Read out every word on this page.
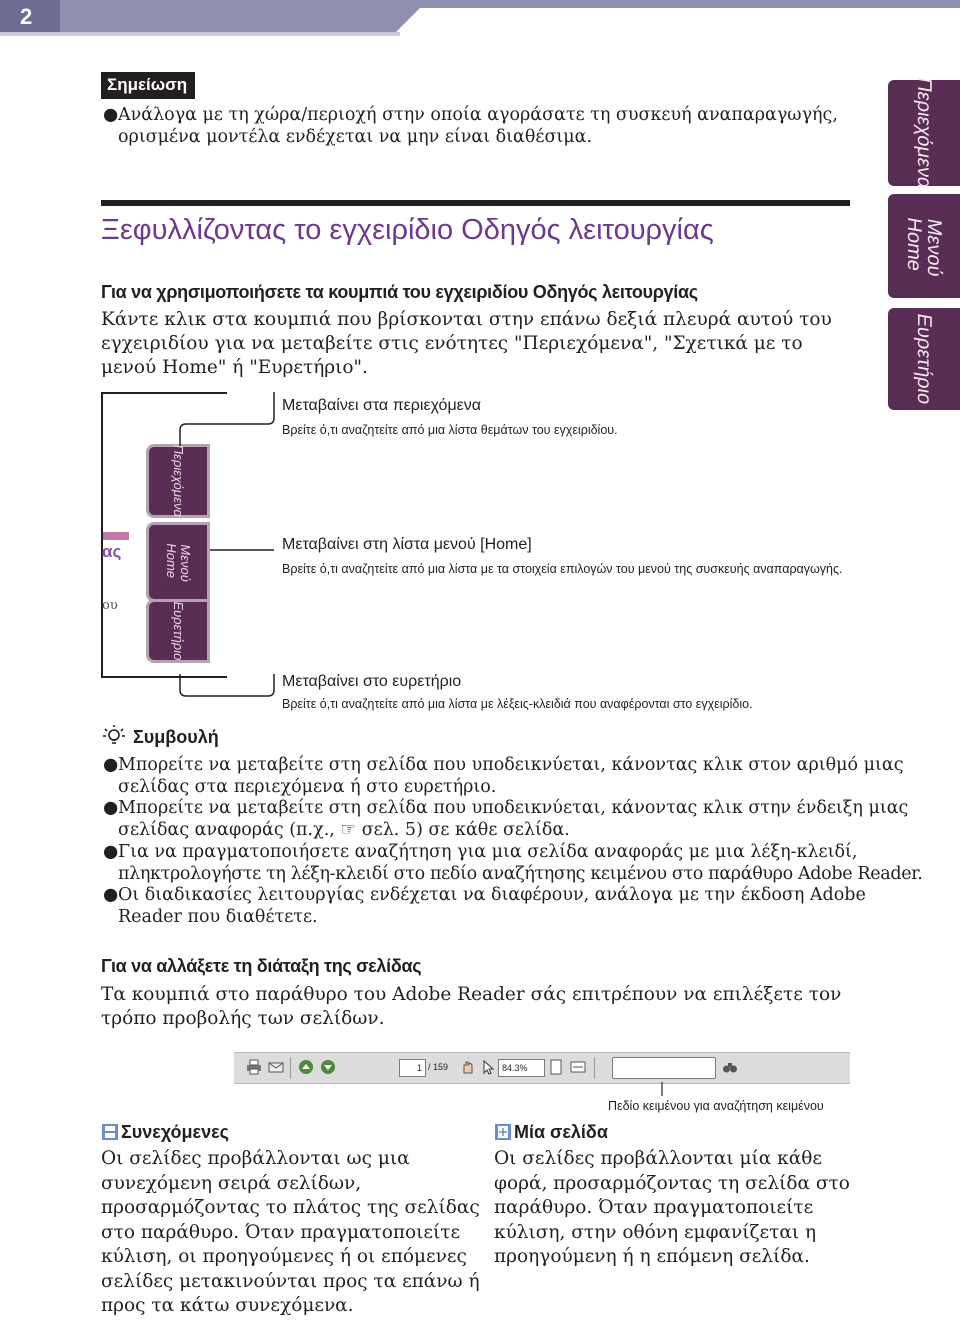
2
Περιεχόμενα
Μενού
Home
Ευρετήριο
Σημείωση
● Ανάλογα με τη χώρα/περιοχή στην οποία αγοράσατε τη συσκευή αναπαραγωγής,
ορισμένα μοντέλα ενδέχεται να μην είναι διαθέσιμα.
Ξεφυλλίζοντας το εγχειρίδιο Οδηγός λειτουργίας
Για να χρησιμοποιήσετε τα κουμπιά του εγχειριδίου Οδηγός λειτουργίας
Κάντε κλικ στα κουμπιά που βρίσκονται στην επάνω δεξιά πλευρά αυτού του
εγχειριδίου για να μεταβείτε στις ενότητες "Περιεχόμενα", "Σχετικά με το
μενού Home" ή "Ευρετήριο".
ας
ου
Περιεχόμενα
Μενού
Home
Ευρετήριο
Μεταβαίνει στα περιεχόμενα
Βρείτε ό,τι αναζητείτε από μια λίστα θεμάτων του εγχειριδίου.
Μεταβαίνει στη λίστα μενού [Home]
Βρείτε ό,τι αναζητείτε από μια λίστα με τα στοιχεία επιλογών του μενού της συσκευής αναπαραγωγής.
Μεταβαίνει στο ευρετήριο
Βρείτε ό,τι αναζητείτε από μια λίστα με λέξεις-κλειδιά που αναφέρονται στο εγχειρίδιο.
Συμβουλή
● Μπορείτε να μεταβείτε στη σελίδα που υποδεικνύεται, κάνοντας κλικ στον αριθμό μιας
σελίδας στα περιεχόμενα ή στο ευρετήριο.
● Μπορείτε να μεταβείτε στη σελίδα που υποδεικνύεται, κάνοντας κλικ στην ένδειξη μιας
σελίδας αναφοράς (π.χ., ☞ σελ. 5) σε κάθε σελίδα.
● Για να πραγματοποιήσετε αναζήτηση για μια σελίδα αναφοράς με μια λέξη-κλειδί,
πληκτρολογήστε τη λέξη-κλειδί στο πεδίο αναζήτησης κειμένου στο παράθυρο Adobe Reader.
● Οι διαδικασίες λειτουργίας ενδέχεται να διαφέρουν, ανάλογα με την έκδοση Adobe
Reader που διαθέτετε.
Για να αλλάξετε τη διάταξη της σελίδας
Τα κουμπιά στο παράθυρο του Adobe Reader σάς επιτρέπουν να επιλέξετε τον
τρόπο προβολής των σελίδων.
1 / 159	84.3%
Πεδίο κειμένου για αναζήτηση κειμένου
Συνεχόμενες
Οι σελίδες προβάλλονται ως μια
συνεχόμενη σειρά σελίδων,
προσαρμόζοντας το πλάτος της σελίδας
στο παράθυρο. Όταν πραγματοποιείτε
κύλιση, οι προηγούμενες ή οι επόμενες
σελίδες μετακινούνται προς τα επάνω ή
προς τα κάτω συνεχόμενα.
Μία σελίδα
Οι σελίδες προβάλλονται μία κάθε
φορά, προσαρμόζοντας τη σελίδα στο
παράθυρο. Όταν πραγματοποιείτε
κύλιση, στην οθόνη εμφανίζεται η
προηγούμενη ή η επόμενη σελίδα.
